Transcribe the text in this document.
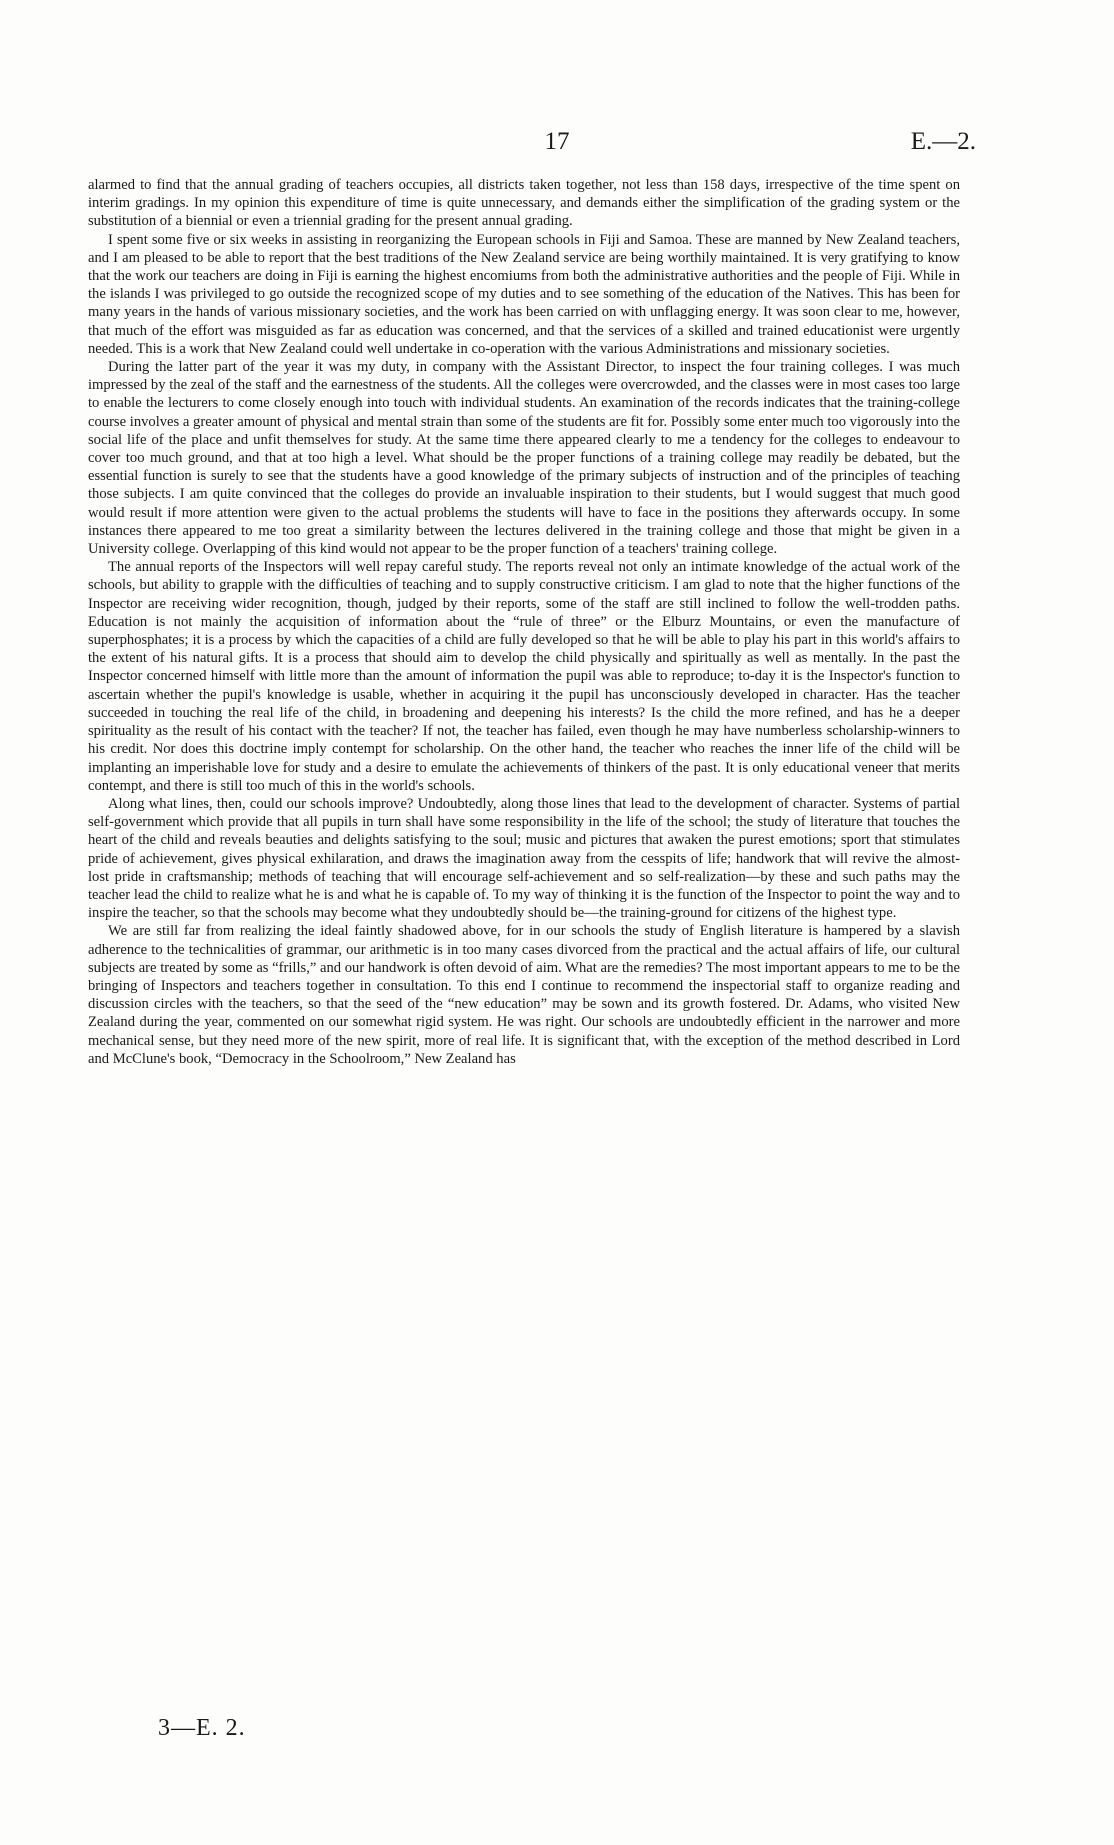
17	E.—2.

alarmed to find that the annual grading of teachers occupies, all districts taken together, not less than 158 days, irrespective of the time spent on interim gradings. In my opinion this expenditure of time is quite unnecessary, and demands either the simplification of the grading system or the substitution of a biennial or even a triennial grading for the present annual grading.

I spent some five or six weeks in assisting in reorganizing the European schools in Fiji and Samoa. These are manned by New Zealand teachers, and I am pleased to be able to report that the best traditions of the New Zealand service are being worthily maintained. It is very gratifying to know that the work our teachers are doing in Fiji is earning the highest encomiums from both the administrative authorities and the people of Fiji. While in the islands I was privileged to go outside the recognized scope of my duties and to see something of the education of the Natives. This has been for many years in the hands of various missionary societies, and the work has been carried on with unflagging energy. It was soon clear to me, however, that much of the effort was misguided as far as education was concerned, and that the services of a skilled and trained educationist were urgently needed. This is a work that New Zealand could well undertake in co-operation with the various Administrations and missionary societies.

During the latter part of the year it was my duty, in company with the Assistant Director, to inspect the four training colleges. I was much impressed by the zeal of the staff and the earnestness of the students. All the colleges were overcrowded, and the classes were in most cases too large to enable the lecturers to come closely enough into touch with individual students. An examination of the records indicates that the training-college course involves a greater amount of physical and mental strain than some of the students are fit for. Possibly some enter much too vigorously into the social life of the place and unfit themselves for study. At the same time there appeared clearly to me a tendency for the colleges to endeavour to cover too much ground, and that at too high a level. What should be the proper functions of a training college may readily be debated, but the essential function is surely to see that the students have a good knowledge of the primary subjects of instruction and of the principles of teaching those subjects. I am quite convinced that the colleges do provide an invaluable inspiration to their students, but I would suggest that much good would result if more attention were given to the actual problems the students will have to face in the positions they afterwards occupy. In some instances there appeared to me too great a similarity between the lectures delivered in the training college and those that might be given in a University college. Overlapping of this kind would not appear to be the proper function of a teachers' training college.

The annual reports of the Inspectors will well repay careful study. The reports reveal not only an intimate knowledge of the actual work of the schools, but ability to grapple with the difficulties of teaching and to supply constructive criticism. I am glad to note that the higher functions of the Inspector are receiving wider recognition, though, judged by their reports, some of the staff are still inclined to follow the well-trodden paths. Education is not mainly the acquisition of information about the “rule of three” or the Elburz Mountains, or even the manufacture of superphosphates; it is a process by which the capacities of a child are fully developed so that he will be able to play his part in this world's affairs to the extent of his natural gifts. It is a process that should aim to develop the child physically and spiritually as well as mentally. In the past the Inspector concerned himself with little more than the amount of information the pupil was able to reproduce; to-day it is the Inspector's function to ascertain whether the pupil's knowledge is usable, whether in acquiring it the pupil has unconsciously developed in character. Has the teacher succeeded in touching the real life of the child, in broadening and deepening his interests? Is the child the more refined, and has he a deeper spirituality as the result of his contact with the teacher? If not, the teacher has failed, even though he may have numberless scholarship-winners to his credit. Nor does this doctrine imply contempt for scholarship. On the other hand, the teacher who reaches the inner life of the child will be implanting an imperishable love for study and a desire to emulate the achievements of thinkers of the past. It is only educational veneer that merits contempt, and there is still too much of this in the world's schools.

Along what lines, then, could our schools improve? Undoubtedly, along those lines that lead to the development of character. Systems of partial self-government which provide that all pupils in turn shall have some responsibility in the life of the school; the study of literature that touches the heart of the child and reveals beauties and delights satisfying to the soul; music and pictures that awaken the purest emotions; sport that stimulates pride of achievement, gives physical exhilaration, and draws the imagination away from the cesspits of life; handwork that will revive the almost-lost pride in craftsmanship; methods of teaching that will encourage self-achievement and so self-realization—by these and such paths may the teacher lead the child to realize what he is and what he is capable of. To my way of thinking it is the function of the Inspector to point the way and to inspire the teacher, so that the schools may become what they undoubtedly should be—the training-ground for citizens of the highest type.

We are still far from realizing the ideal faintly shadowed above, for in our schools the study of English literature is hampered by a slavish adherence to the technicalities of grammar, our arithmetic is in too many cases divorced from the practical and the actual affairs of life, our cultural subjects are treated by some as “frills,” and our handwork is often devoid of aim. What are the remedies? The most important appears to me to be the bringing of Inspectors and teachers together in consultation. To this end I continue to recommend the inspectorial staff to organize reading and discussion circles with the teachers, so that the seed of the “new education” may be sown and its growth fostered. Dr. Adams, who visited New Zealand during the year, commented on our somewhat rigid system. He was right. Our schools are undoubtedly efficient in the narrower and more mechanical sense, but they need more of the new spirit, more of real life. It is significant that, with the exception of the method described in Lord and McClune's book, “Democracy in the Schoolroom,” New Zealand has

3—E. 2.
